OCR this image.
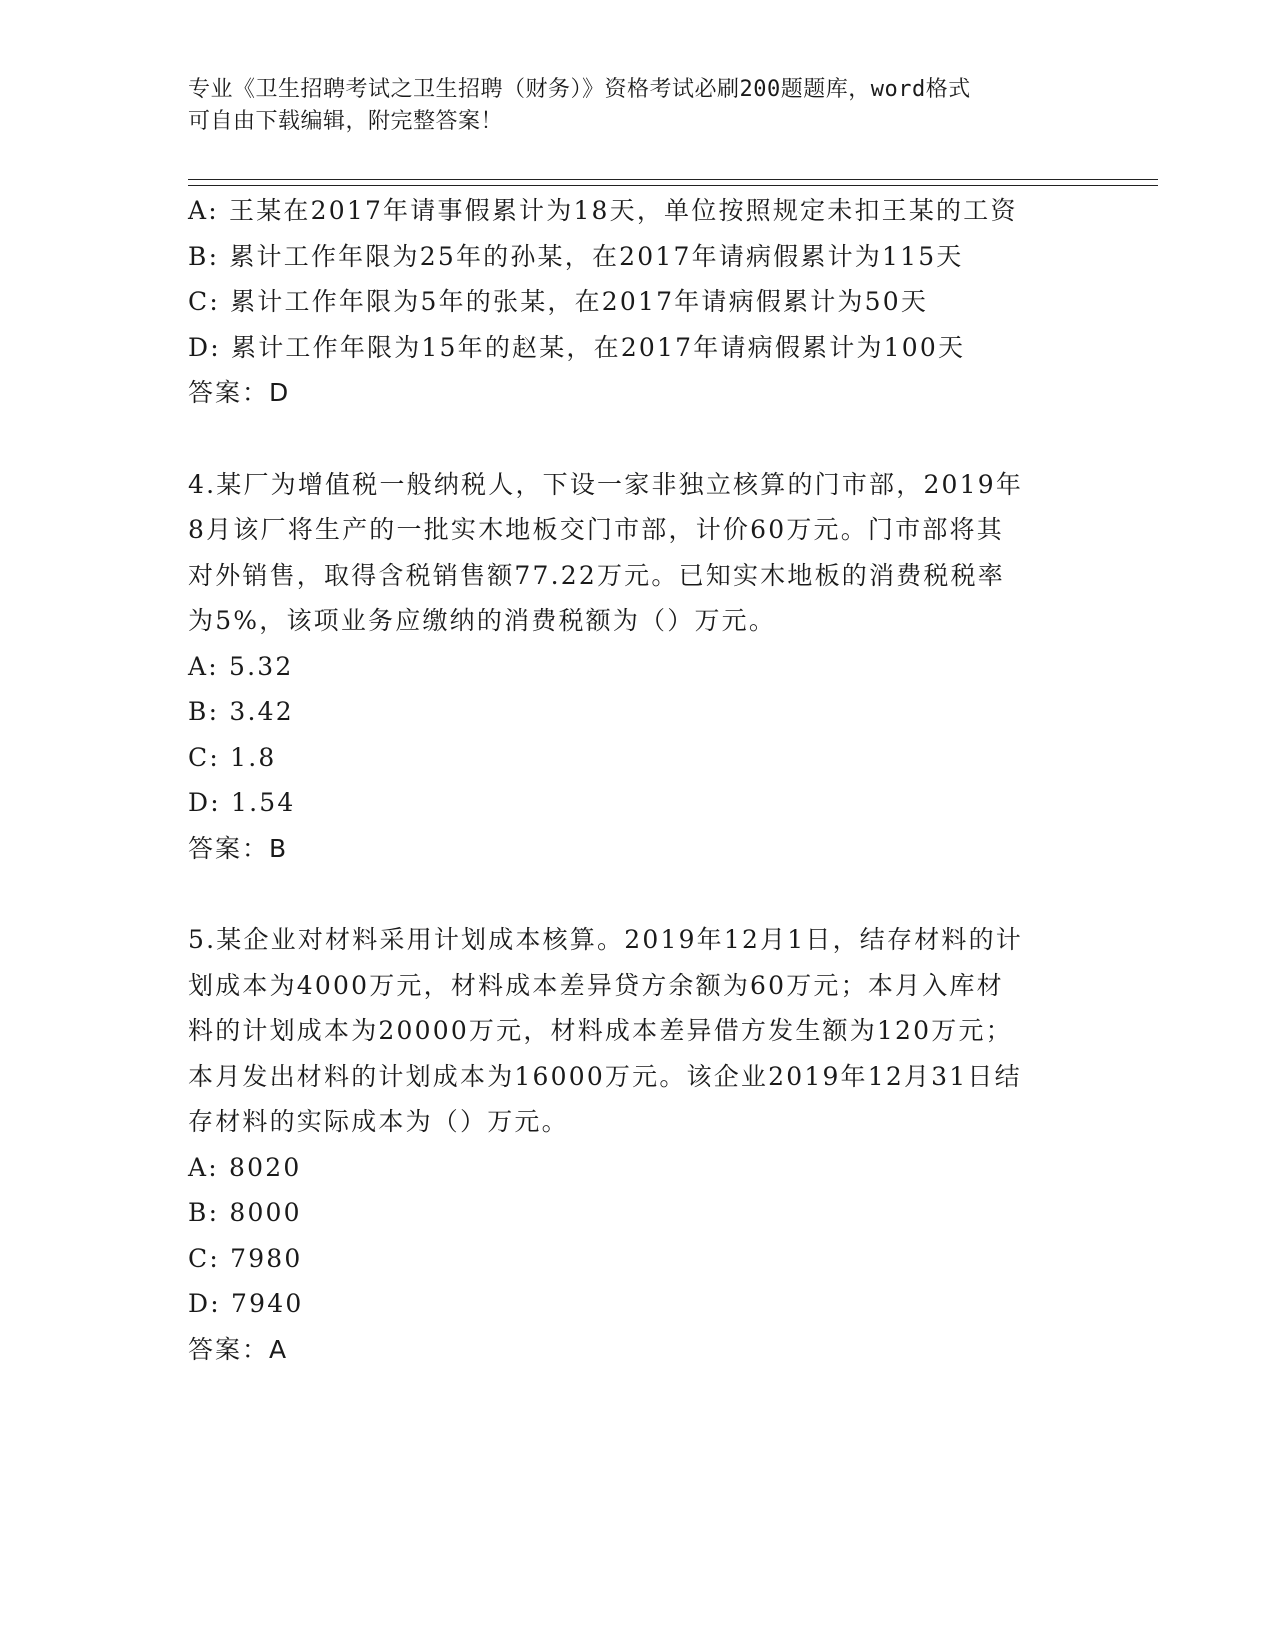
专业《卫生招聘考试之卫生招聘（财务）》资格考试必刷200题题库，word格式
可自由下载编辑，附完整答案！
A: 王某在2017年请事假累计为18天，单位按照规定未扣王某的工资
B: 累计工作年限为25年的孙某，在2017年请病假累计为115天
C: 累计工作年限为5年的张某，在2017年请病假累计为50天
D: 累计工作年限为15年的赵某，在2017年请病假累计为100天
答案：D
4.某厂为增值税一般纳税人，下设一家非独立核算的门市部，2019年
8月该厂将生产的一批实木地板交门市部，计价60万元。门市部将其
对外销售，取得含税销售额77.22万元。已知实木地板的消费税税率
为5%，该项业务应缴纳的消费税额为（）万元。
A: 5.32
B: 3.42
C: 1.8
D: 1.54
答案：B
5.某企业对材料采用计划成本核算。2019年12月1日，结存材料的计
划成本为4000万元，材料成本差异贷方余额为60万元；本月入库材
料的计划成本为20000万元，材料成本差异借方发生额为120万元；
本月发出材料的计划成本为16000万元。该企业2019年12月31日结
存材料的实际成本为（）万元。
A: 8020
B: 8000
C: 7980
D: 7940
答案：A
